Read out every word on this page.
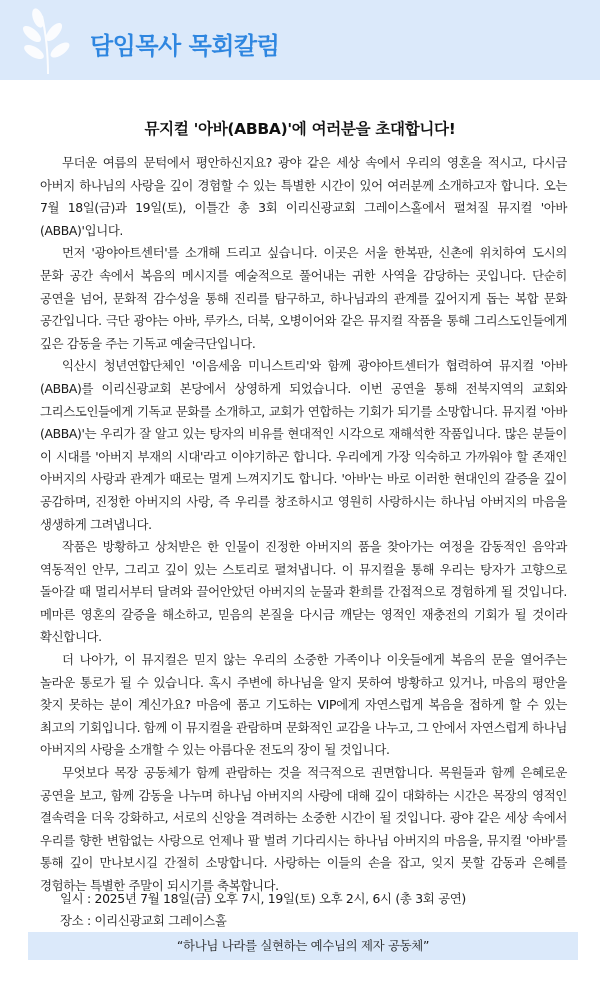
담임목사 목회칼럼
뮤지컬 '아바(ABBA)'에 여러분을 초대합니다!

무더운 여름의 문턱에서 평안하신지요? 광야 같은 세상 속에서 우리의 영혼을 적시고, 다시금 아버지 하나님의 사랑을 깊이 경험할 수 있는 특별한 시간이 있어 여러분께 소개하고자 합니다. 오는 7월 18일(금)과 19일(토), 이틀간 총 3회 이리신광교회 그레이스홀에서 펼쳐질 뮤지컬 '아바(ABBA)'입니다.

먼저 '광야아트센터'를 소개해 드리고 싶습니다. 이곳은 서울 한복판, 신촌에 위치하여 도시의 문화 공간 속에서 복음의 메시지를 예술적으로 풀어내는 귀한 사역을 감당하는 곳입니다. 단순히 공연을 넘어, 문화적 감수성을 통해 진리를 탐구하고, 하나님과의 관계를 깊어지게 돕는 복합 문화 공간입니다. 극단 광야는 아바, 루카스, 더북, 오병이어와 같은 뮤지컬 작품을 통해 그리스도인들에게 깊은 감동을 주는 기독교 예술극단입니다.

익산시 청년연합단체인 '이음세움 미니스트리'와 함께 광야아트센터가 협력하여 뮤지컬 '아바(ABBA)를 이리신광교회 본당에서 상영하게 되었습니다. 이번 공연을 통해 전북지역의 교회와 그리스도인들에게 기독교 문화를 소개하고, 교회가 연합하는 기회가 되기를 소망합니다. 뮤지컬 '아바(ABBA)'는 우리가 잘 알고 있는 탕자의 비유를 현대적인 시각으로 재해석한 작품입니다. 많은 분들이 이 시대를 '아버지 부재의 시대'라고 이야기하곤 합니다. 우리에게 가장 익숙하고 가까워야 할 존재인 아버지의 사랑과 관계가 때로는 멀게 느껴지기도 합니다. '아바'는 바로 이러한 현대인의 갈증을 깊이 공감하며, 진정한 아버지의 사랑, 즉 우리를 창조하시고 영원히 사랑하시는 하나님 아버지의 마음을 생생하게 그려냅니다.

작품은 방황하고 상처받은 한 인물이 진정한 아버지의 품을 찾아가는 여정을 감동적인 음악과 역동적인 안무, 그리고 깊이 있는 스토리로 펼쳐냅니다. 이 뮤지컬을 통해 우리는 탕자가 고향으로 돌아갈 때 멀리서부터 달려와 끌어안았던 아버지의 눈물과 환희를 간접적으로 경험하게 될 것입니다. 메마른 영혼의 갈증을 해소하고, 믿음의 본질을 다시금 깨닫는 영적인 재충전의 기회가 될 것이라 확신합니다.

더 나아가, 이 뮤지컬은 믿지 않는 우리의 소중한 가족이나 이웃들에게 복음의 문을 열어주는 놀라운 통로가 될 수 있습니다. 혹시 주변에 하나님을 알지 못하여 방황하고 있거나, 마음의 평안을 찾지 못하는 분이 계신가요? 마음에 품고 기도하는 VIP에게 자연스럽게 복음을 접하게 할 수 있는 최고의 기회입니다. 함께 이 뮤지컬을 관람하며 문화적인 교감을 나누고, 그 안에서 자연스럽게 하나님 아버지의 사랑을 소개할 수 있는 아름다운 전도의 장이 될 것입니다.

무엇보다 목장 공동체가 함께 관람하는 것을 적극적으로 권면합니다. 목원들과 함께 은혜로운 공연을 보고, 함께 감동을 나누며 하나님 아버지의 사랑에 대해 깊이 대화하는 시간은 목장의 영적인 결속력을 더욱 강화하고, 서로의 신앙을 격려하는 소중한 시간이 될 것입니다. 광야 같은 세상 속에서 우리를 향한 변함없는 사랑으로 언제나 팔 벌려 기다리시는 하나님 아버지의 마음을, 뮤지컬 '아바'를 통해 깊이 만나보시길 간절히 소망합니다. 사랑하는 이들의 손을 잡고, 잊지 못할 감동과 은혜를 경험하는 특별한 주말이 되시기를 축복합니다.

일시 : 2025년 7월 18일(금) 오후 7시, 19일(토) 오후 2시, 6시 (총 3회 공연)
장소 : 이리신광교회 그레이스홀
“하나님 나라를 실현하는 예수님의 제자 공동체”
